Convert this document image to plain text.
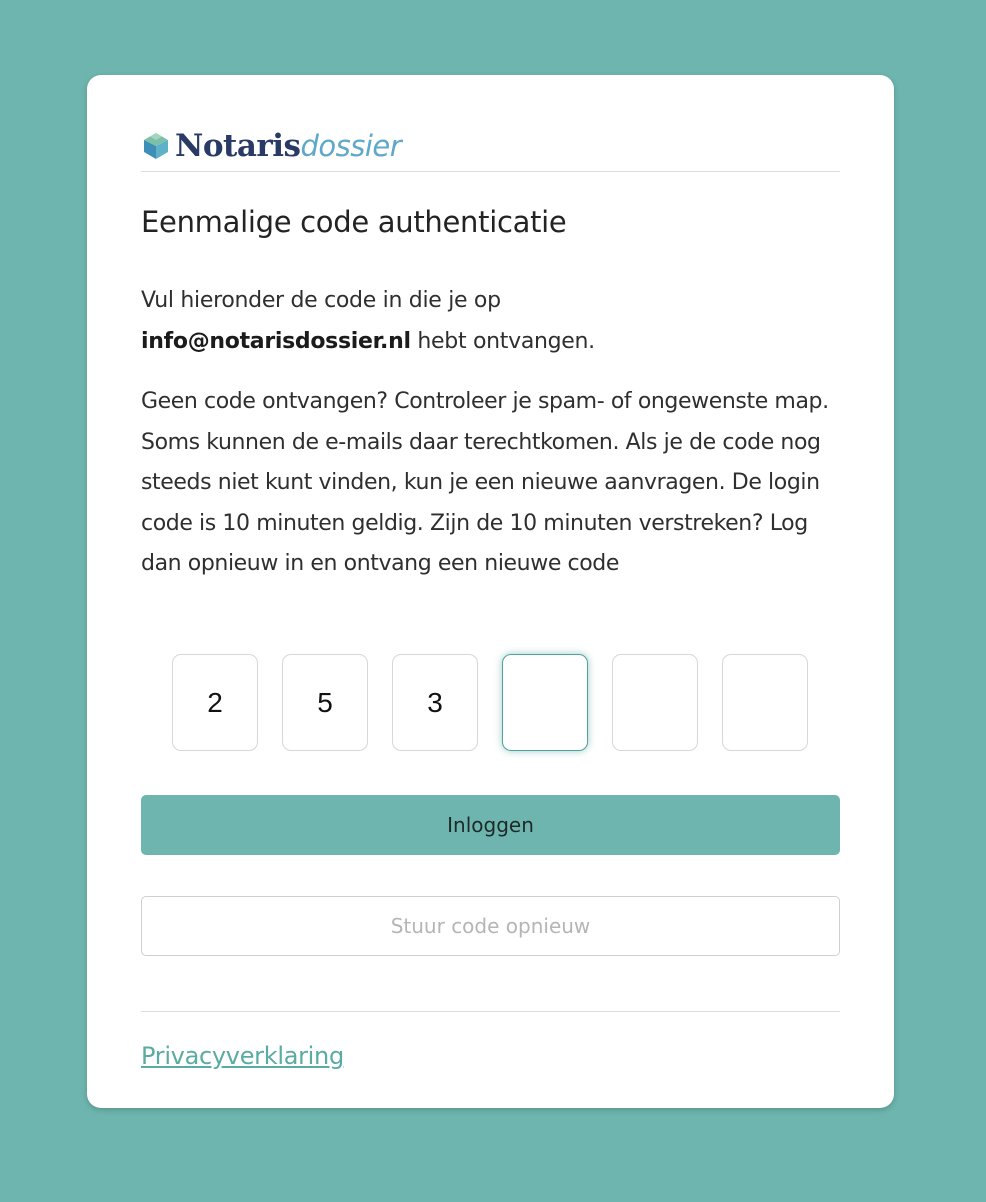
Notaris dossier
Eenmalige code authenticatie

Vul hieronder de code in die je op
info@notarisdossier.nl hebt ontvangen.

Geen code ontvangen? Controleer je spam- of ongewenste map. Soms kunnen de e-mails daar terechtkomen. Als je de code nog steeds niet kunt vinden, kun je een nieuwe aanvragen. De login code is 10 minuten geldig. Zijn de 10 minuten verstreken? Log dan opnieuw in en ontvang een nieuwe code

2
5
3
Inloggen
Stuur code opnieuw
Privacyverklaring
